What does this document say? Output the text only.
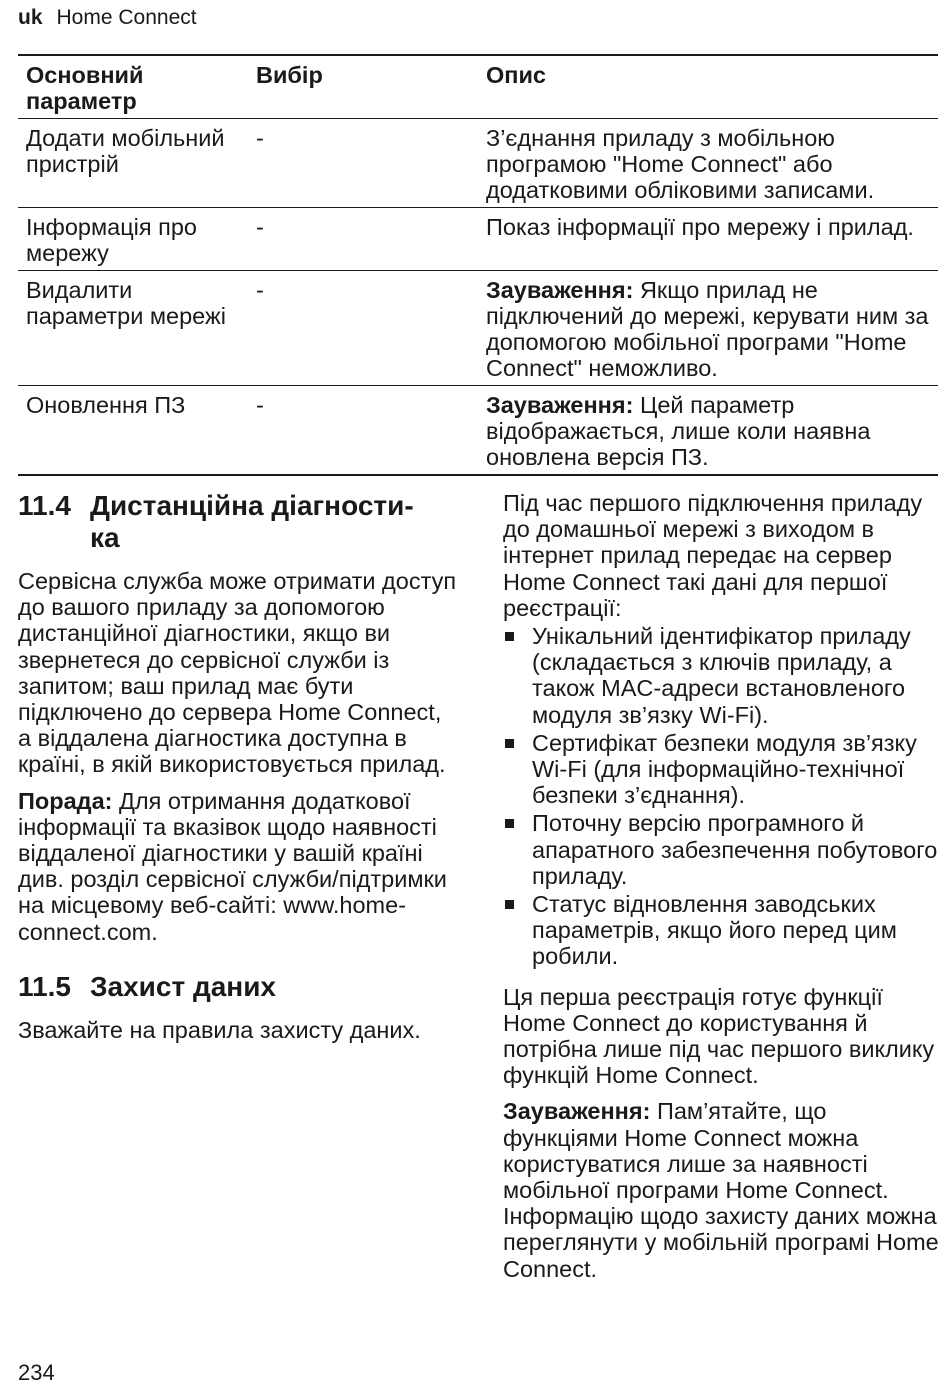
uk Home Connect
Основний параметр	Вибір	Опис
Додати мобільний пристрій	-	З’єднання приладу з мобільною програмою "Home Connect" або додатковими обліковими записами.
Інформація про мережу	-	Показ інформації про мережу і прилад.
Видалити параметри мережі	-	Зауваження: Якщо прилад не підключений до мережі, керувати ним за допомогою мобільної програми "Home Connect" неможливо.
Оновлення ПЗ	-	Зауваження: Цей параметр відображається, лише коли наявна оновлена версія ПЗ.
11.4 Дистанційна діагности-
ка

Сервісна служба може отримати доступ до вашого приладу за допомогою дистанційної діагностики, якщо ви звернетеся до сервісної служби із запитом; ваш прилад має бути підключено до сервера Home Connect, а віддалена діагностика доступна в країні, в якій використовується прилад.

Порада: Для отримання додаткової інформації та вказівок щодо наявності віддаленої діагностики у вашій країні див. розділ сервісної служби/підтримки на місцевому веб-сайті: www.home-connect.com.

11.5 Захист даних

Зважайте на правила захисту даних.

Під час першого підключення приладу до домашньої мережі з виходом в інтернет прилад передає на сервер Home Connect такі дані для першої реєстрації:

Унікальний ідентифікатор приладу (складається з ключів приладу, а також MAC-адреси встановленого модуля зв’язку Wi-Fi).
Сертифікат безпеки модуля зв’язку Wi-Fi (для інформаційно-технічної безпеки з’єднання).
Поточну версію програмного й апаратного забезпечення побутового приладу.
Статус відновлення заводських параметрів, якщо його перед цим робили.

Ця перша реєстрація готує функції Home Connect до користування й потрібна лише під час першого виклику функцій Home Connect.

Зауваження: Пам’ятайте, що функціями Home Connect можна користуватися лише за наявності мобільної програми Home Connect. Інформацію щодо захисту даних можна переглянути у мобільній програмі Home Connect.

234
